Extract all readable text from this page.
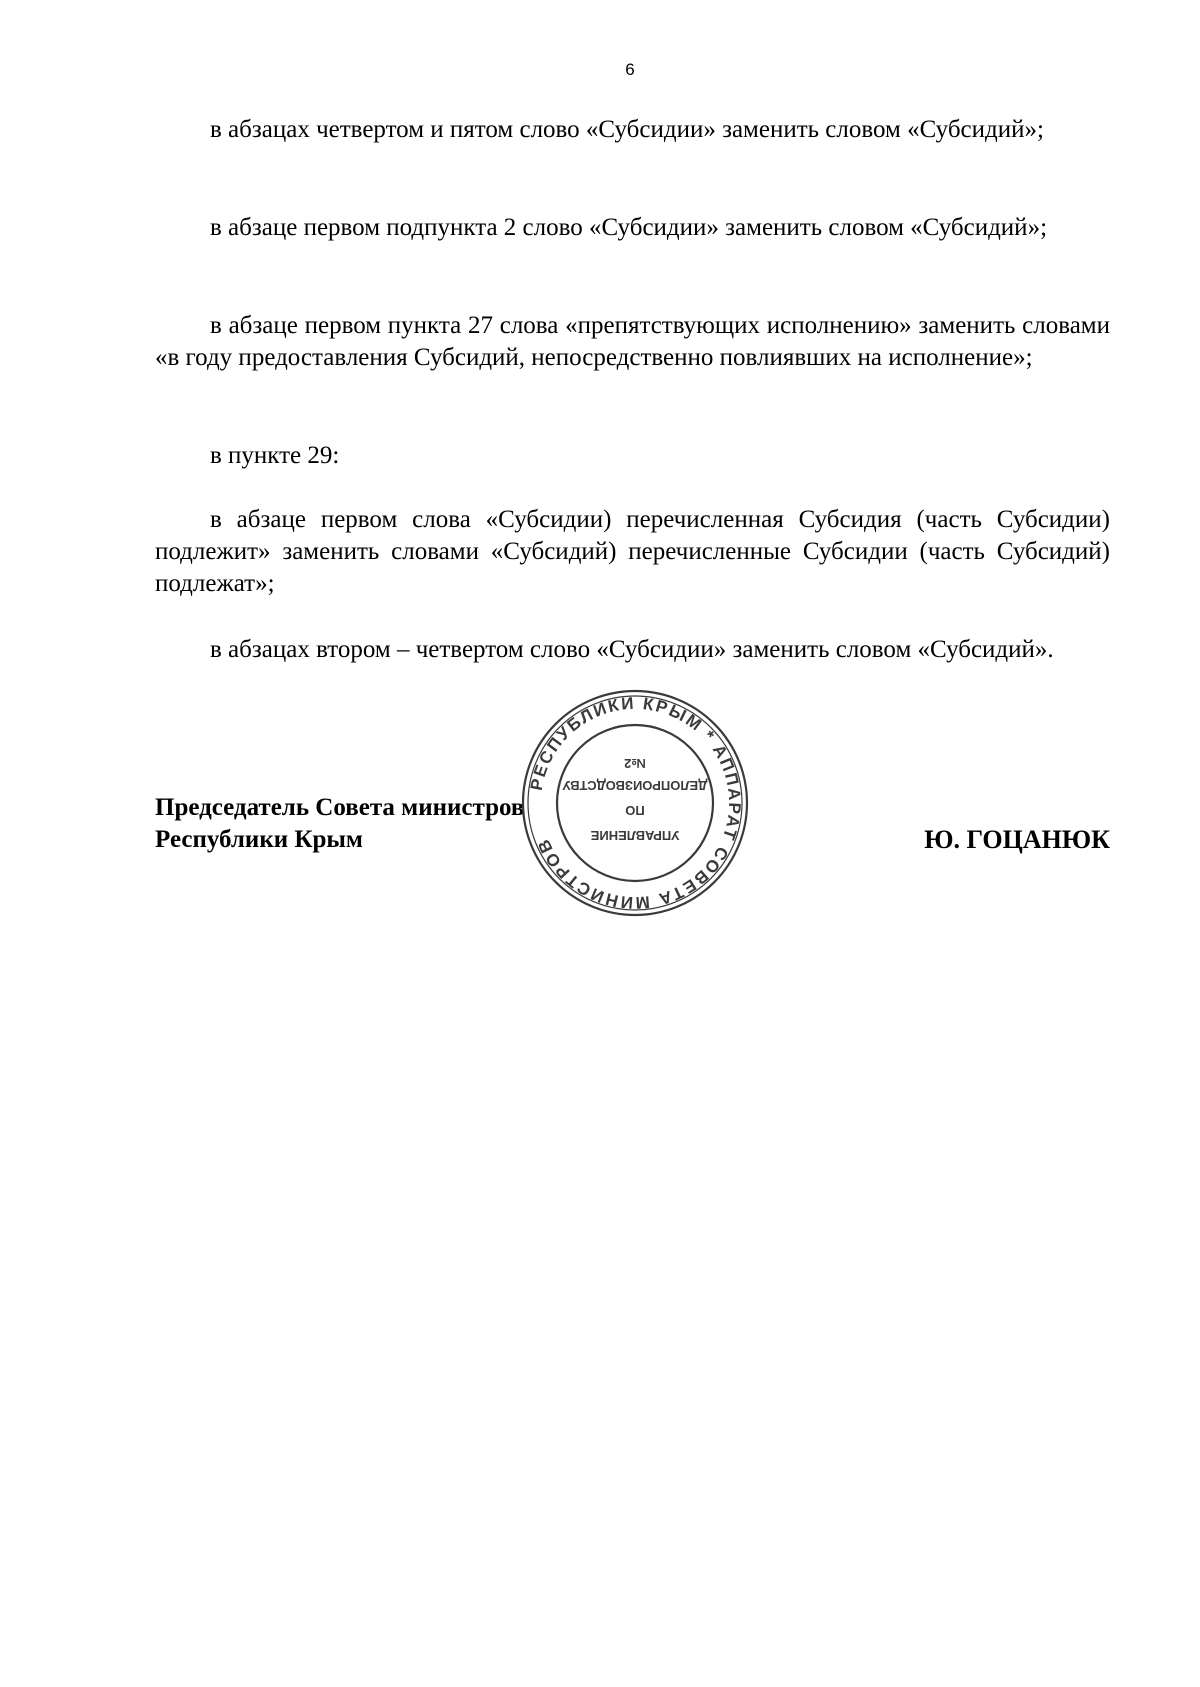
6

в абзацах четвертом и пятом слово «Субсидии» заменить словом «Субсидий»;

в абзаце первом подпункта 2 слово «Субсидии» заменить словом «Субсидий»;

в абзаце первом пункта 27 слова «препятствующих исполнению» заменить словами «в году предоставления Субсидий, непосредственно повлиявших на исполнение»;

в пункте 29:

в абзаце первом слова «Субсидии) перечисленная Субсидия (часть Субсидии) подлежит» заменить словами «Субсидий) перечисленные Субсидии (часть Субсидий) подлежат»;

в абзацах втором – четвертом слово «Субсидии» заменить словом «Субсидий».

Председатель Совета министров
Республики Крым	Ю. ГОЦАНЮК
РЕСПУБЛИКИ КРЫМ * АППАРАТ СОВЕТА МИНИСТРОВ	УПРАВЛЕНИЕ
ПО
ДЕЛОПРОИЗВОДСТВУ
№2
